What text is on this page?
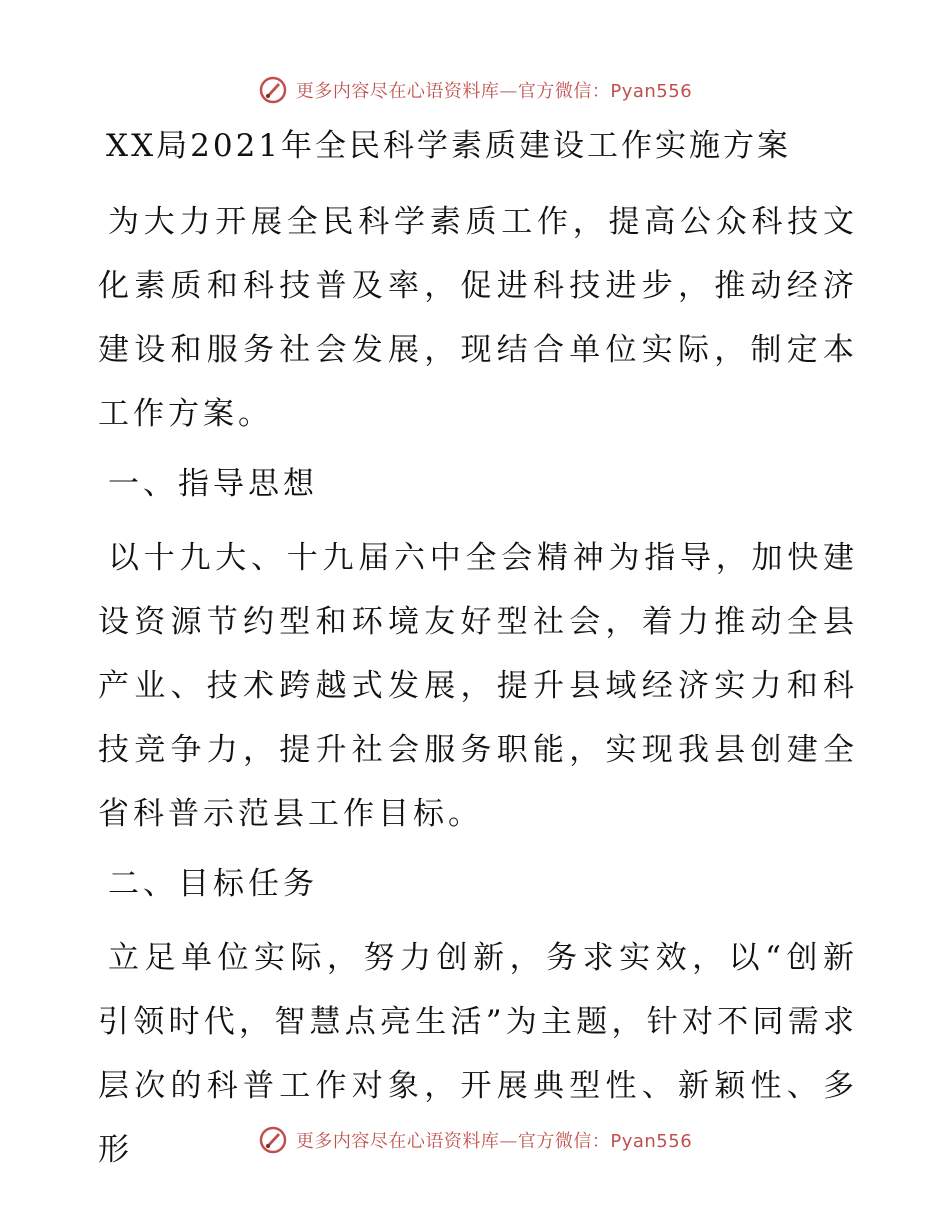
更多内容尽在心语资料库—官方微信：Pyan556
XX局2021年全民科学素质建设工作实施方案

为大力开展全民科学素质工作，提高公众科技文化素质和科技普及率，促进科技进步，推动经济建设和服务社会发展，现结合单位实际，制定本工作方案。

一、指导思想

以十九大、十九届六中全会精神为指导，加快建设资源节约型和环境友好型社会，着力推动全县产业、技术跨越式发展，提升县域经济实力和科技竞争力，提升社会服务职能，实现我县创建全省科普示范县工作目标。

二、目标任务

立足单位实际，努力创新，务求实效，以“创新引领时代，智慧点亮生活”为主题，针对不同需求层次的科普工作对象，开展典型性、新颖性、多形	更多内容尽在心语资料库—官方微信：Pyan556
